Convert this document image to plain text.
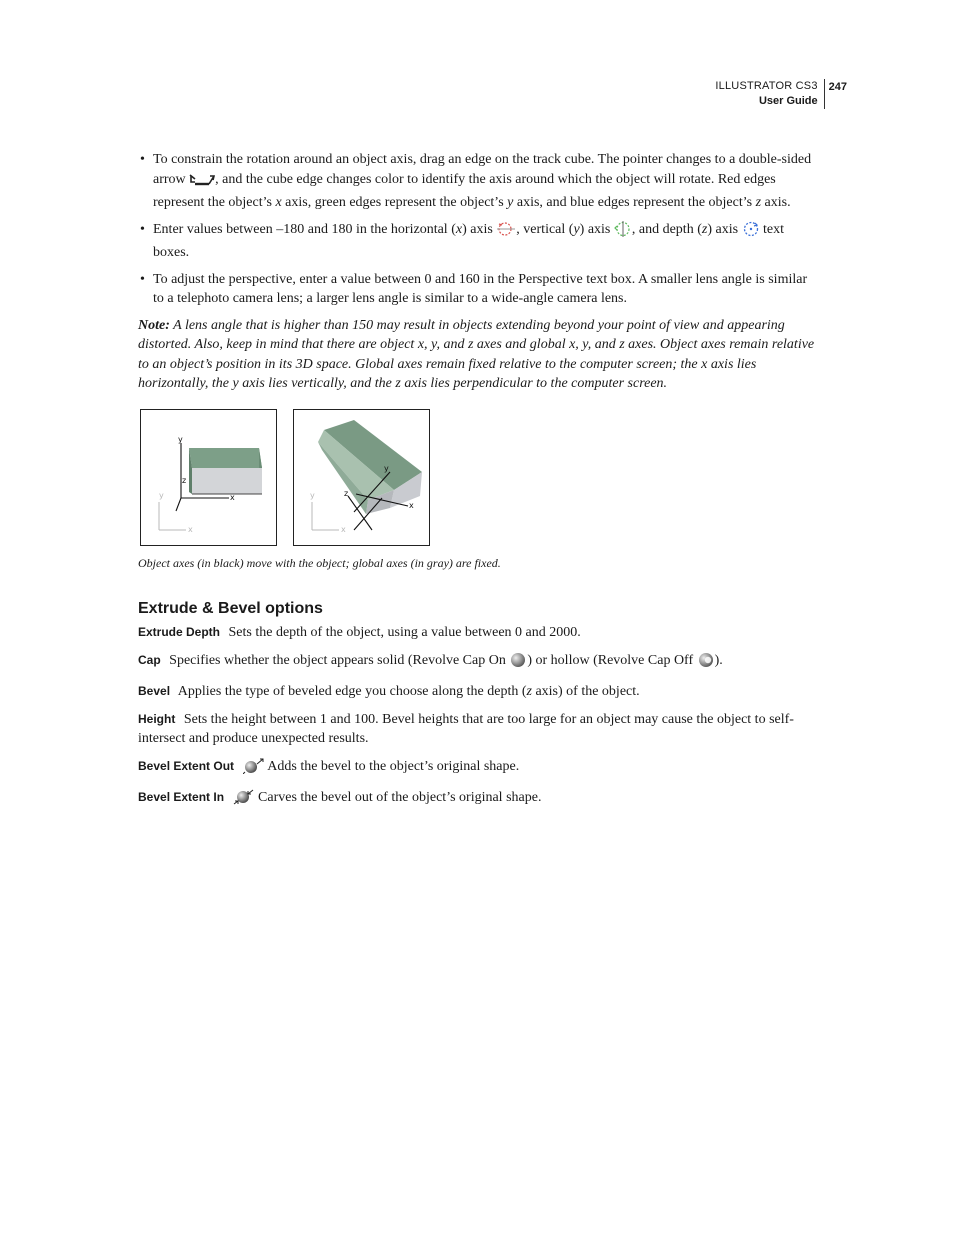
ILLUSTRATOR CS3
User Guide
247
• To constrain the rotation around an object axis, drag an edge on the track cube. The pointer changes to a double-sided arrow , and the cube edge changes color to identify the axis around which the object will rotate. Red edges represent the object’s x axis, green edges represent the object’s y axis, and blue edges represent the object’s z axis.
• Enter values between –180 and 180 in the horizontal (x) axis , vertical (y) axis , and depth (z) axis text boxes.
• To adjust the perspective, enter a value between 0 and 160 in the Perspective text box. A smaller lens angle is similar to a telephoto camera lens; a larger lens angle is similar to a wide-angle camera lens.

Note: A lens angle that is higher than 150 may result in objects extending beyond your point of view and appearing distorted. Also, keep in mind that there are object x, y, and z axes and global x, y, and z axes. Object axes remain relative to an object’s position in its 3D space. Global axes remain fixed relative to the computer screen; the x axis lies horizontally, the y axis lies vertically, and the z axis lies perpendicular to the computer screen.

y
x
y
x
z
y
x
y
x
z
Object axes (in black) move with the object; global axes (in gray) are fixed.
Extrude & Bevel options
Extrude Depth Sets the depth of the object, using a value between 0 and 2000.
Cap Specifies whether the object appears solid (Revolve Cap On ) or hollow (Revolve Cap Off ).
Bevel Applies the type of beveled edge you choose along the depth (z axis) of the object.
Height Sets the height between 1 and 100. Bevel heights that are too large for an object may cause the object to self-intersect and produce unexpected results.
Bevel Extent Out Adds the bevel to the object’s original shape.
Bevel Extent In Carves the bevel out of the object’s original shape.
